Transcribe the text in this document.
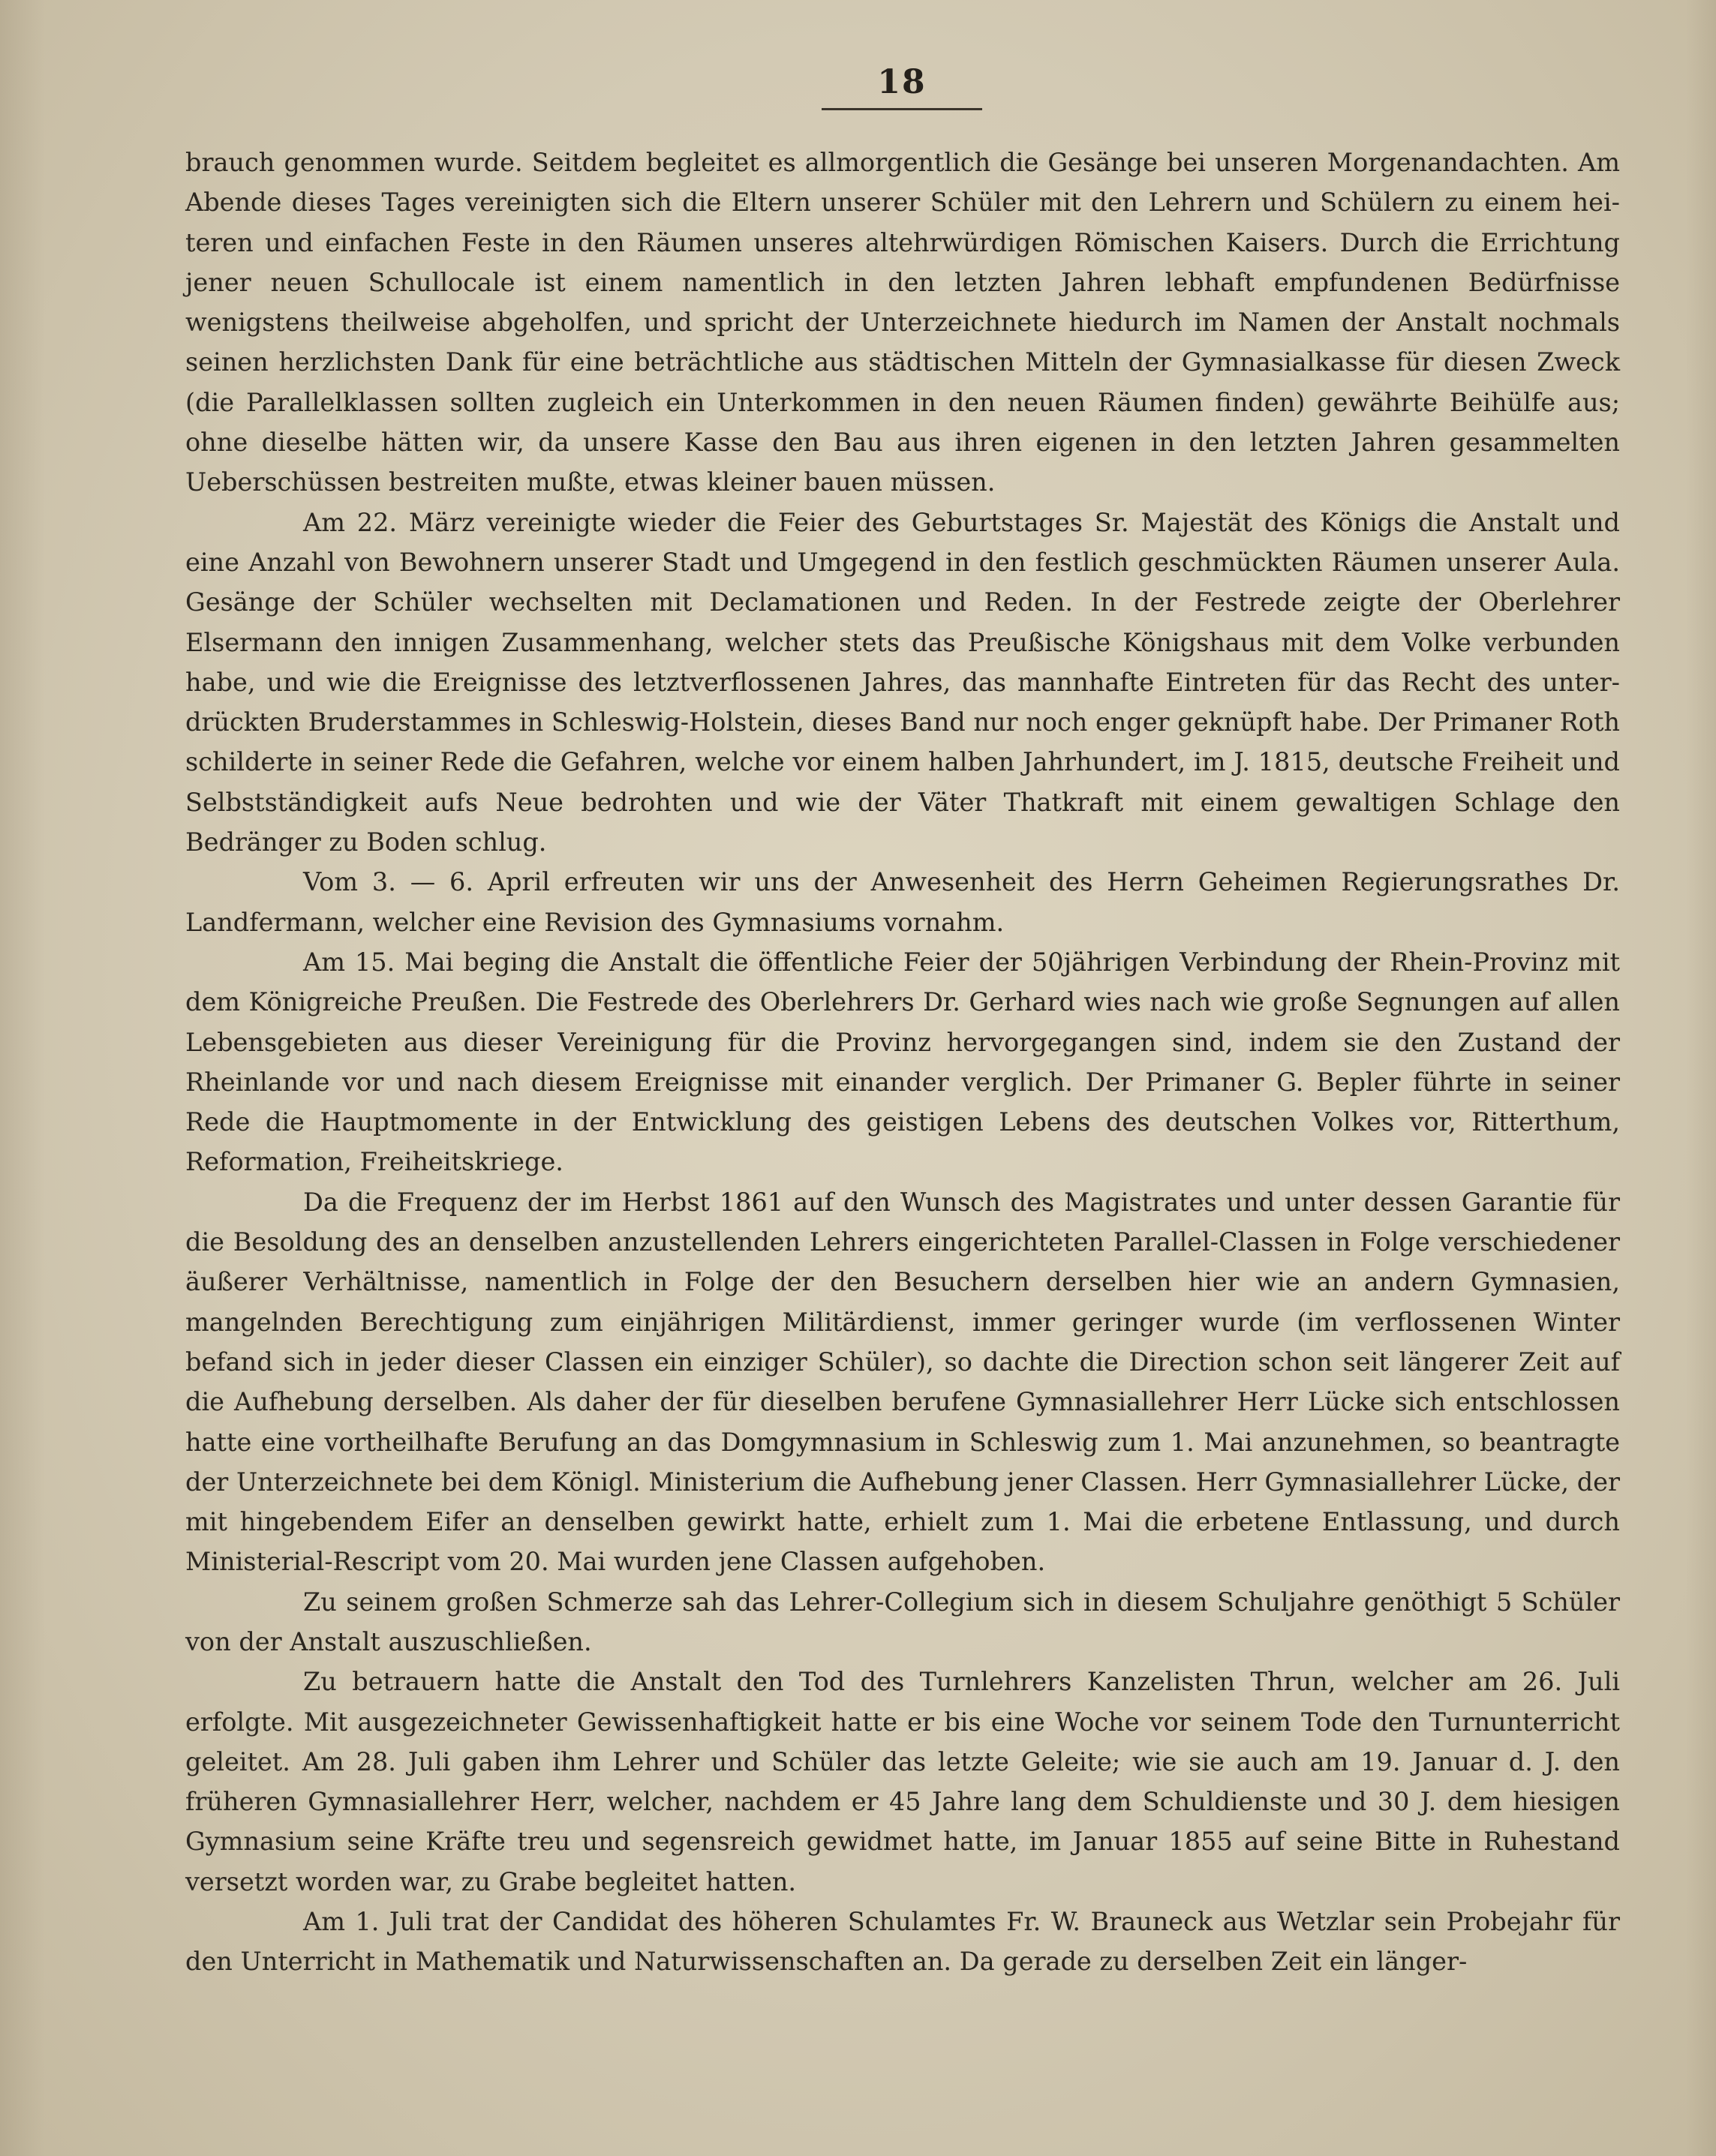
18

brauch genommen wurde. Seitdem begleitet es allmorgentlich die Gesänge bei unseren Morgenandachten. Am Abende dieses Tages vereinigten sich die Eltern unserer Schüler mit den Lehrern und Schülern zu einem heiteren und einfachen Feste in den Räumen unseres altehrwürdigen Römischen Kaisers. Durch die Errichtung jener neuen Schullocale ist einem namentlich in den letzten Jahren lebhaft empfundenen Bedürfnisse wenigstens theilweise abgeholfen, und spricht der Unterzeichnete hiedurch im Namen der Anstalt nochmals seinen herzlichsten Dank für eine beträchtliche aus städtischen Mitteln der Gymnasialkasse für diesen Zweck (die Parallelklassen sollten zugleich ein Unterkommen in den neuen Räumen finden) gewährte Beihülfe aus; ohne dieselbe hätten wir, da unsere Kasse den Bau aus ihren eigenen in den letzten Jahren gesammelten Ueberschüssen bestreiten mußte, etwas kleiner bauen müssen.

Am 22. März vereinigte wieder die Feier des Geburtstages Sr. Majestät des Königs die Anstalt und eine Anzahl von Bewohnern unserer Stadt und Umgegend in den festlich geschmückten Räumen unserer Aula. Gesänge der Schüler wechselten mit Declamationen und Reden. In der Festrede zeigte der Oberlehrer Elsermann den innigen Zusammenhang, welcher stets das Preußische Königshaus mit dem Volke verbunden habe, und wie die Ereignisse des letztverflossenen Jahres, das mannhafte Eintreten für das Recht des unterdrückten Bruderstammes in Schleswig-Holstein, dieses Band nur noch enger geknüpft habe. Der Primaner Roth schilderte in seiner Rede die Gefahren, welche vor einem halben Jahrhundert, im J. 1815, deutsche Freiheit und Selbstständigkeit aufs Neue bedrohten und wie der Väter Thatkraft mit einem gewaltigen Schlage den Bedränger zu Boden schlug.

Vom 3. — 6. April erfreuten wir uns der Anwesenheit des Herrn Geheimen Regierungsrathes Dr. Landfermann, welcher eine Revision des Gymnasiums vornahm.

Am 15. Mai beging die Anstalt die öffentliche Feier der 50jährigen Verbindung der Rhein-Provinz mit dem Königreiche Preußen. Die Festrede des Oberlehrers Dr. Gerhard wies nach wie große Segnungen auf allen Lebensgebieten aus dieser Vereinigung für die Provinz hervorgegangen sind, indem sie den Zustand der Rheinlande vor und nach diesem Ereignisse mit einander verglich. Der Primaner G. Bepler führte in seiner Rede die Hauptmomente in der Entwicklung des geistigen Lebens des deutschen Volkes vor, Ritterthum, Reformation, Freiheitskriege.

Da die Frequenz der im Herbst 1861 auf den Wunsch des Magistrates und unter dessen Garantie für die Besoldung des an denselben anzustellenden Lehrers eingerichteten Parallel-Classen in Folge verschiedener äußerer Verhältnisse, namentlich in Folge der den Besuchern derselben hier wie an andern Gymnasien, mangelnden Berechtigung zum einjährigen Militärdienst, immer geringer wurde (im verflossenen Winter befand sich in jeder dieser Classen ein einziger Schüler), so dachte die Direction schon seit längerer Zeit auf die Aufhebung derselben. Als daher der für dieselben berufene Gymnasiallehrer Herr Lücke sich entschlossen hatte eine vortheilhafte Berufung an das Domgymnasium in Schleswig zum 1. Mai anzunehmen, so beantragte der Unterzeichnete bei dem Königl. Ministerium die Aufhebung jener Classen. Herr Gymnasiallehrer Lücke, der mit hingebendem Eifer an denselben gewirkt hatte, erhielt zum 1. Mai die erbetene Entlassung, und durch Ministerial-Rescript vom 20. Mai wurden jene Classen aufgehoben.

Zu seinem großen Schmerze sah das Lehrer-Collegium sich in diesem Schuljahre genöthigt 5 Schüler von der Anstalt auszuschließen.

Zu betrauern hatte die Anstalt den Tod des Turnlehrers Kanzelisten Thrun, welcher am 26. Juli erfolgte. Mit ausgezeichneter Gewissenhaftigkeit hatte er bis eine Woche vor seinem Tode den Turnunterricht geleitet. Am 28. Juli gaben ihm Lehrer und Schüler das letzte Geleite; wie sie auch am 19. Januar d. J. den früheren Gymnasiallehrer Herr, welcher, nachdem er 45 Jahre lang dem Schuldienste und 30 J. dem hiesigen Gymnasium seine Kräfte treu und segensreich gewidmet hatte, im Januar 1855 auf seine Bitte in Ruhestand versetzt worden war, zu Grabe begleitet hatten.

Am 1. Juli trat der Candidat des höheren Schulamtes Fr. W. Brauneck aus Wetzlar sein Probejahr für den Unterricht in Mathematik und Naturwissenschaften an. Da gerade zu derselben Zeit ein länger-
